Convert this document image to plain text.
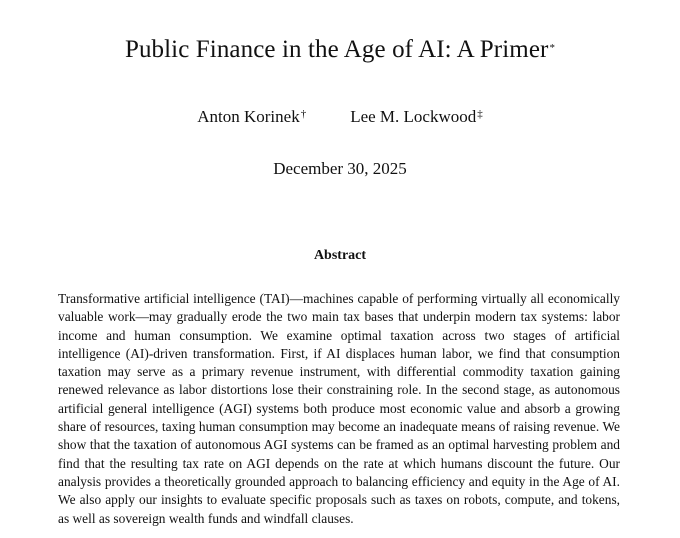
Public Finance in the Age of AI: A Primer*
Anton Korinek†	Lee M. Lockwood‡
December 30, 2025
Abstract
Transformative artificial intelligence (TAI)—machines capable of performing virtually all economically valuable work—may gradually erode the two main tax bases that underpin modern tax systems: labor income and human consumption. We examine optimal taxation across two stages of artificial intelligence (AI)-driven transformation. First, if AI displaces human labor, we find that consumption taxation may serve as a primary revenue instrument, with differential commodity taxation gaining renewed relevance as labor distortions lose their constraining role. In the second stage, as autonomous artificial general intelligence (AGI) systems both produce most economic value and absorb a growing share of resources, taxing human consumption may become an inadequate means of raising revenue. We show that the taxation of autonomous AGI systems can be framed as an optimal harvesting problem and find that the resulting tax rate on AGI depends on the rate at which humans discount the future. Our analysis provides a theoretically grounded approach to balancing efficiency and equity in the Age of AI. We also apply our insights to evaluate specific proposals such as taxes on robots, compute, and tokens, as well as sovereign wealth funds and windfall clauses.
